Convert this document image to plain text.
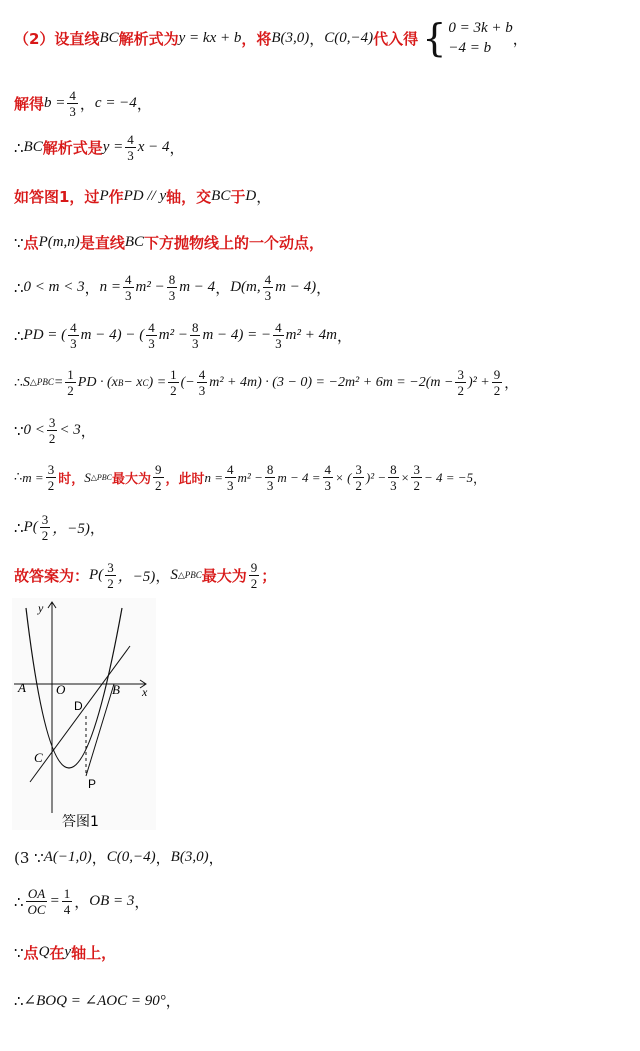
（2）设直线 BC 解析式为 y = kx + b ，将 B(3,0) ， C(0,−4) 代入得 { 0 = 3k + b
−4 = b
，
解得 $b = \frac{4}{3}$ ， c = −4 ，
∴ BC 解析式是 $y = \frac{4}{3}$ x − 4 ，
如答图1，过 P 作 PD // y 轴，交 BC 于 D ，
∵ 点 P(m,n) 是直线 BC 下方抛物线上的一个动点，
∴ 0 < m < 3 ， $n = \frac{4}{3} m^2 - \frac{8}{3}$ m − 4 ， D(m, $\frac{4}{3}$ m − 4) ，
∴ PD = ( $\frac{4}{3}$ m − 4) − ( $\frac{4}{3} m^2 - \frac{8}{3}$ m − 4) = − $\frac{4}{3} m^2 + 4m$ ，
∴ S △PBC = $\frac{1}{2}$ PD · (x B − x C ) = $\frac{1}{2}$ (− $\frac{4}{3} m^2 + 4m) \cdot (3 - 0) = -2m^2 + 6m = -2(m - \frac{3}{2} )^2 + \frac{9}{2}$ ，
∵ $0 < \frac{3}{2} < 3$ ，
∴ $m = \frac{3}{2}$ 时， S △PBC 最大为 $\frac{9}{2}$ ，此时 $n = \frac{4}{3} m^2 - \frac{8}{3}$ $m - 4 = \frac{4}{3}$ × ( $\frac{3}{2} )^2 - \frac{8}{3} \times \frac{3}{2} - 4 = -5$ ，
∴ $P( \frac{3}{2}$ ，−5) ，
故答案为： $P( \frac{3}{2}$ ，−5) ， S △PBC 最大为 $\frac{9}{2}$ ；
y
x
A O	B
D
C
P
答图1
(3 ∵ A(−1,0) ， C(0,−4) ， B(3,0) ，
∴ $\frac{OA}{OC} = \frac{1}{4}$ ， OB = 3 ，
∵ 点 Q 在 y 轴上，
∴ ∠BOQ = ∠AOC = 90° ，
